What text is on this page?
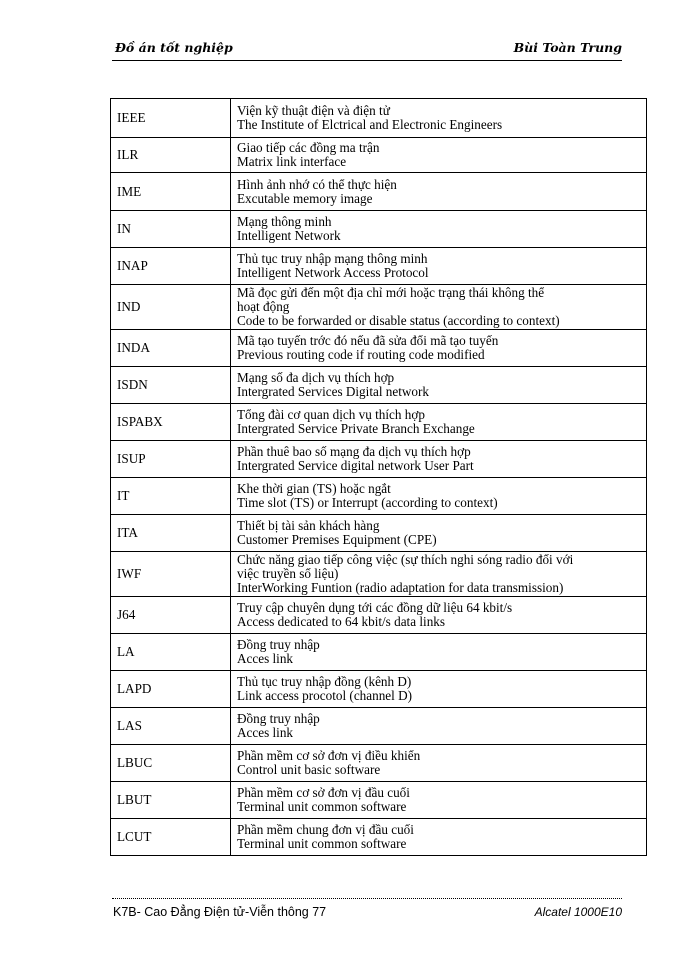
Đồ án tốt nghiệp	Bùi Toàn Trung
IEEE	Viện kỹ thuật điện và điện tử
The Institute of Elctrical and Electronic Engineers

ILR	Giao tiếp các đồng ma trận
Matrix link interface

IME	Hình ảnh nhớ có thể thực hiện
Excutable memory image

IN	Mạng thông minh
Intelligent Network

INAP	Thủ tục truy nhập mạng thông minh
Intelligent Network Access Protocol

IND	Mã đọc gửi đến một địa chỉ mới hoặc trạng thái không thể
hoạt động
Code to be forwarded or disable status (according to context)

INDA	Mã tạo tuyến trớc đó nếu đã sửa đổi mã tạo tuyến
Previous routing code if routing code modified

ISDN	Mạng số đa dịch vụ thích hợp
Intergrated Services Digital network

ISPABX	Tổng đài cơ quan dịch vụ thích hợp
Intergrated Service Private Branch Exchange

ISUP	Phần thuê bao số mạng đa dịch vụ thích hợp
Intergrated Service digital network User Part

IT	Khe thời gian (TS) hoặc ngắt
Time slot (TS) or Interrupt (according to context)

ITA	Thiết bị tài sản khách hàng
Customer Premises Equipment (CPE)

IWF	Chức năng giao tiếp công việc (sự thích nghi sóng radio đối với
việc truyền số liệu)
InterWorking Funtion (radio adaptation for data transmission)

J64	Truy cập chuyên dụng tới các đồng dữ liệu 64 kbit/s
Access dedicated to 64 kbit/s data links

LA	Đồng truy nhập
Acces link

LAPD	Thủ tục truy nhập đồng (kênh D)
Link access procotol (channel D)

LAS	Đồng truy nhập
Acces link

LBUC	Phần mềm cơ sở đơn vị điều khiển
Control unit basic software

LBUT	Phần mềm cơ sở đơn vị đầu cuối
Terminal unit common software

LCUT	Phần mềm chung đơn vị đầu cuối
Terminal unit common software
K7B- Cao Đẳng Điện tử-Viễn thông 77	Alcatel 1000E10
